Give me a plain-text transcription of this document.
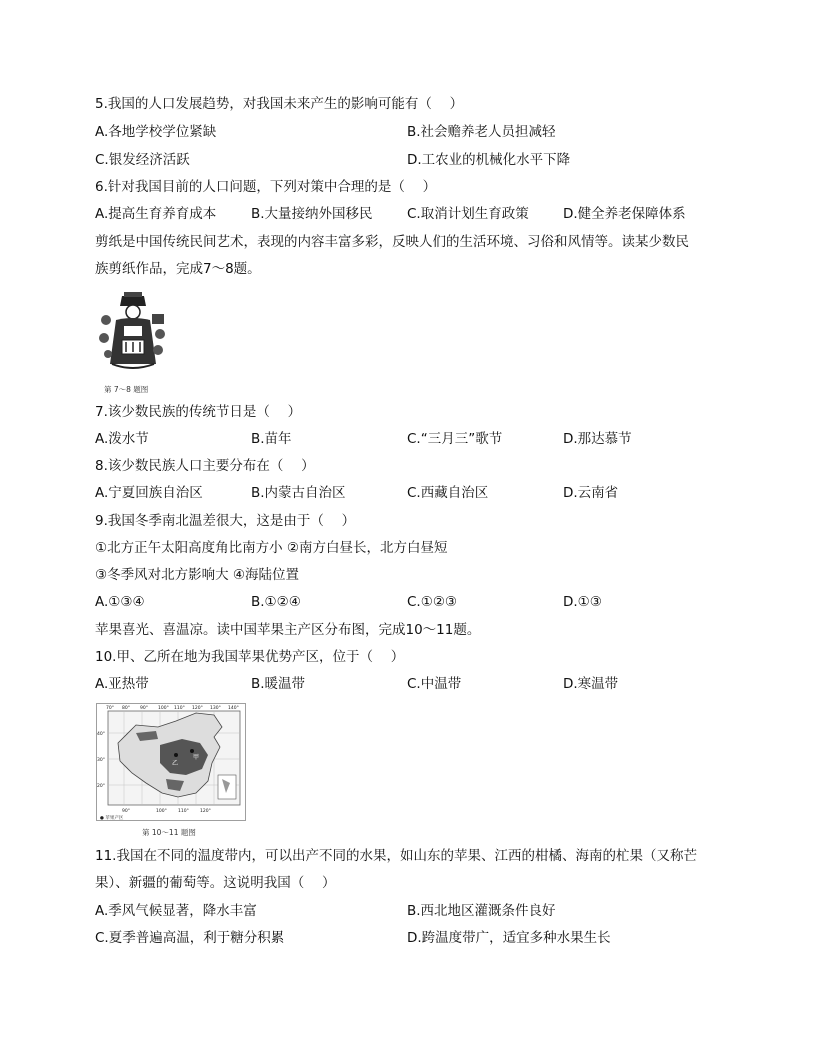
5.我国的人口发展趋势，对我国未来产生的影响可能有（　 ）
A.各地学校学位紧缺	B.社会赡养老人员担减轻
C.银发经济活跃	D.工农业的机械化水平下降
6.针对我国目前的人口问题，下列对策中合理的是（　 ）
A.提高生育养育成本	B.大量接纳外国移民	C.取消计划生育政策	D.健全养老保障体系
剪纸是中国传统民间艺术，表现的内容丰富多彩，反映人们的生活环境、习俗和风情等。读某少数民
族剪纸作品，完成7～8题。
第 7～8 题图
7.该少数民族的传统节日是（　 ）
A.泼水节	B.苗年	C.“三月三”歌节	D.那达慕节
8.该少数民族人口主要分布在（　 ）
A.宁夏回族自治区	B.内蒙古自治区	C.西藏自治区	D.云南省
9.我国冬季南北温差很大，这是由于（　 ）
①北方正午太阳高度角比南方小 ②南方白昼长，北方白昼短
③冬季风对北方影响大 ④海陆位置
A.①③④	B.①②④	C.①②③	D.①③
苹果喜光、喜温凉。读中国苹果主产区分布图，完成10～11题。
10.甲、乙所在地为我国苹果优势产区，位于（　 ）
A.亚热带	B.暖温带	C.中温带	D.寒温带
甲
乙
70° 80° 90° 100° 110° 120° 130° 140°
40°
30°
20°
90°	100° 110° 120°
● 苹果产区
第 10～11 题图
11.我国在不同的温度带内，可以出产不同的水果，如山东的苹果、江西的柑橘、海南的杧果（又称芒
果）、新疆的葡萄等。这说明我国（　 ）
A.季风气候显著，降水丰富	B.西北地区灌溉条件良好
C.夏季普遍高温，利于糖分积累	D.跨温度带广，适宜多种水果生长
